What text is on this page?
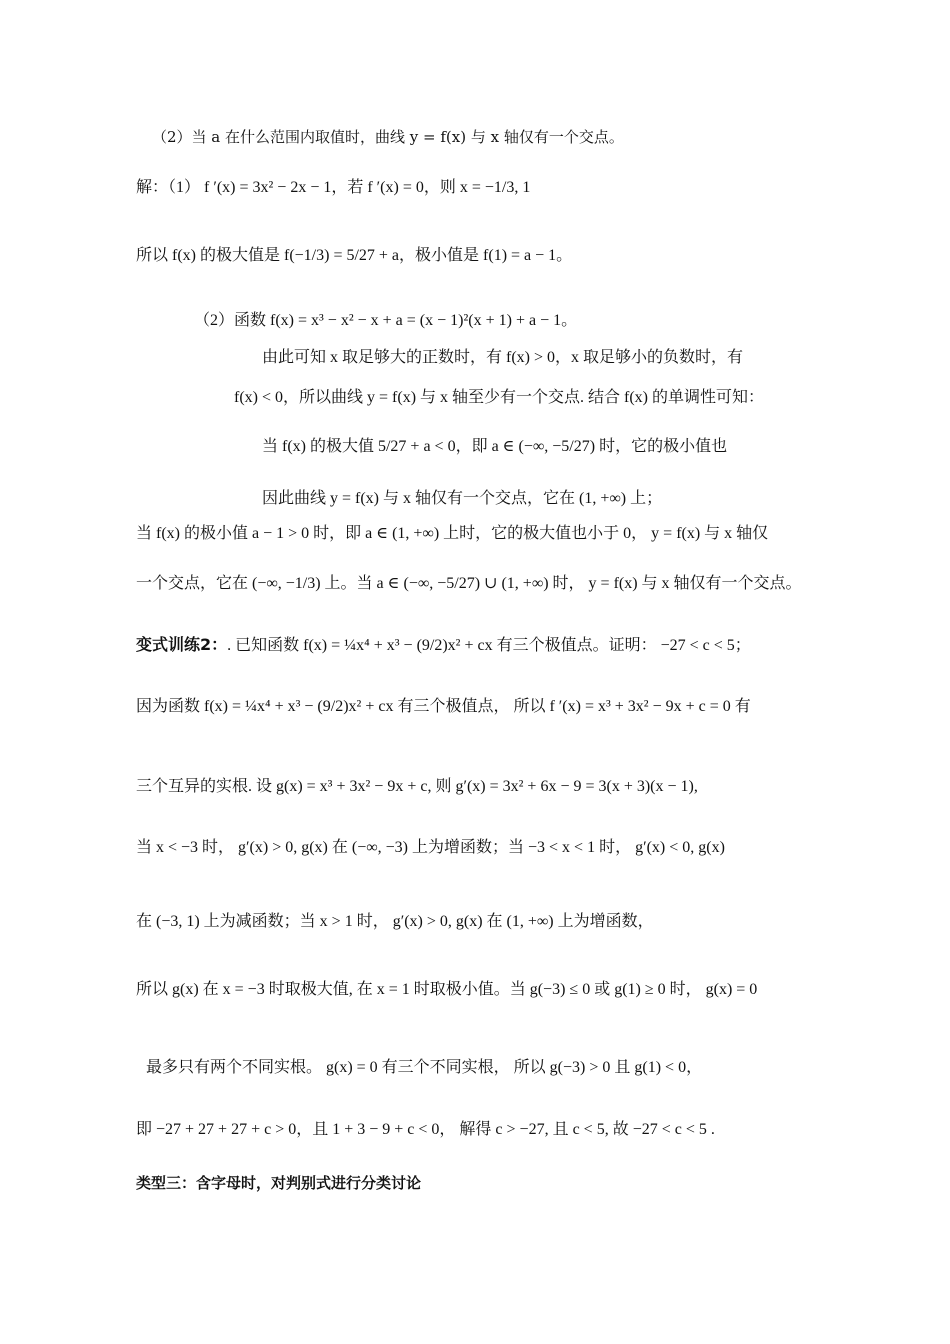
（2）当 a 在什么范围内取值时，曲线 y = f(x) 与 x 轴仅有一个交点。
解：（1） f ′(x) = 3x² − 2x − 1，若 f ′(x) = 0，则 x = −1/3, 1
所以 f(x) 的极大值是 f(−1/3) = 5/27 + a，极小值是 f(1) = a − 1。
（2）函数 f(x) = x³ − x² − x + a = (x − 1)²(x + 1) + a − 1。
由此可知 x 取足够大的正数时，有 f(x) > 0，x 取足够小的负数时，有
f(x) < 0，所以曲线 y = f(x) 与 x 轴至少有一个交点. 结合 f(x) 的单调性可知：
当 f(x) 的极大值 5/27 + a < 0，即 a ∈ (−∞, −5/27) 时，它的极小值也
因此曲线 y = f(x) 与 x 轴仅有一个交点，它在 (1, +∞) 上；
当 f(x) 的极小值 a − 1 > 0 时，即 a ∈ (1, +∞) 上时，它的极大值也小于 0， y = f(x) 与 x 轴仅
一个交点，它在 (−∞, −1/3) 上。当 a ∈ (−∞, −5/27) ∪ (1, +∞) 时， y = f(x) 与 x 轴仅有一个交点。
变式训练2：. 已知函数 f(x) = ¼x⁴ + x³ − (9/2)x² + cx 有三个极值点。证明： −27 < c < 5；
因为函数 f(x) = ¼x⁴ + x³ − (9/2)x² + cx 有三个极值点， 所以 f ′(x) = x³ + 3x² − 9x + c = 0 有
三个互异的实根. 设 g(x) = x³ + 3x² − 9x + c, 则 g′(x) = 3x² + 6x − 9 = 3(x + 3)(x − 1),
当 x < −3 时， g′(x) > 0, g(x) 在 (−∞, −3) 上为增函数；当 −3 < x < 1 时， g′(x) < 0, g(x)
在 (−3, 1) 上为减函数；当 x > 1 时， g′(x) > 0, g(x) 在 (1, +∞) 上为增函数，
所以 g(x) 在 x = −3 时取极大值, 在 x = 1 时取极小值。当 g(−3) ≤ 0 或 g(1) ≥ 0 时， g(x) = 0
最多只有两个不同实根。 g(x) = 0 有三个不同实根， 所以 g(−3) > 0 且 g(1) < 0，
即 −27 + 27 + 27 + c > 0，且 1 + 3 − 9 + c < 0， 解得 c > −27, 且 c < 5, 故 −27 < c < 5 .
类型三：含字母时，对判别式进行分类讨论
